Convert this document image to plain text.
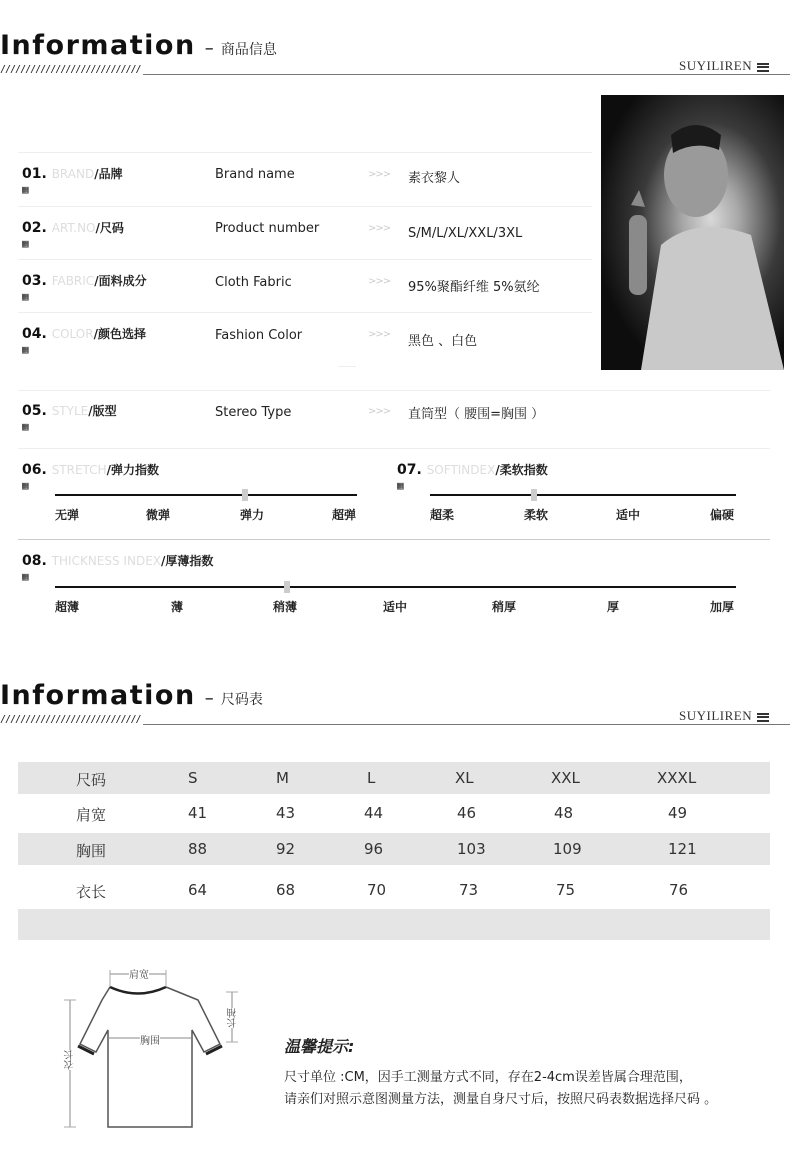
Information – 商品信息
////////////////////////////	SUYILIREN
01. BRAND/品牌
▦
Brand name	>>> 素衣黎人
02. ART.NO/尺码
▦
Product number	>>> S/M/L/XL/XXL/3XL
03. FABRIC/面料成分
▦
Cloth Fabric	>>> 95%聚酯纤维 5%氨纶
04. COLOR/颜色选择
▦
Fashion Color	>>> 黑色 、白色
05. STYLE/版型
▦
Stereo Type	>>> 直筒型（ 腰围=胸围 ）
06. STRETCH/弹力指数
▦
无弹	微弹	弹力	超弹
07. SOFTINDEX/柔软指数
▦
超柔	柔软	适中	偏硬
08. THICKNESS INDEX/厚薄指数
▦
超薄	薄	稍薄	适中	稍厚	厚	加厚
Information – 尺码表
////////////////////////////	SUYILIREN
尺码	S	M	L	XL	XXL	XXXL
肩宽	41	43	44	46	48	49
胸围	88	92	96	103	109	121
衣长	64	68	70	73	75	76
肩宽
胸围
长袖
衣长
温馨提示:
尺寸单位 :CM，因手工测量方式不同，存在2-4cm误差皆属合理范围，
请亲们对照示意图测量方法，测量自身尺寸后，按照尺码表数据选择尺码 。
